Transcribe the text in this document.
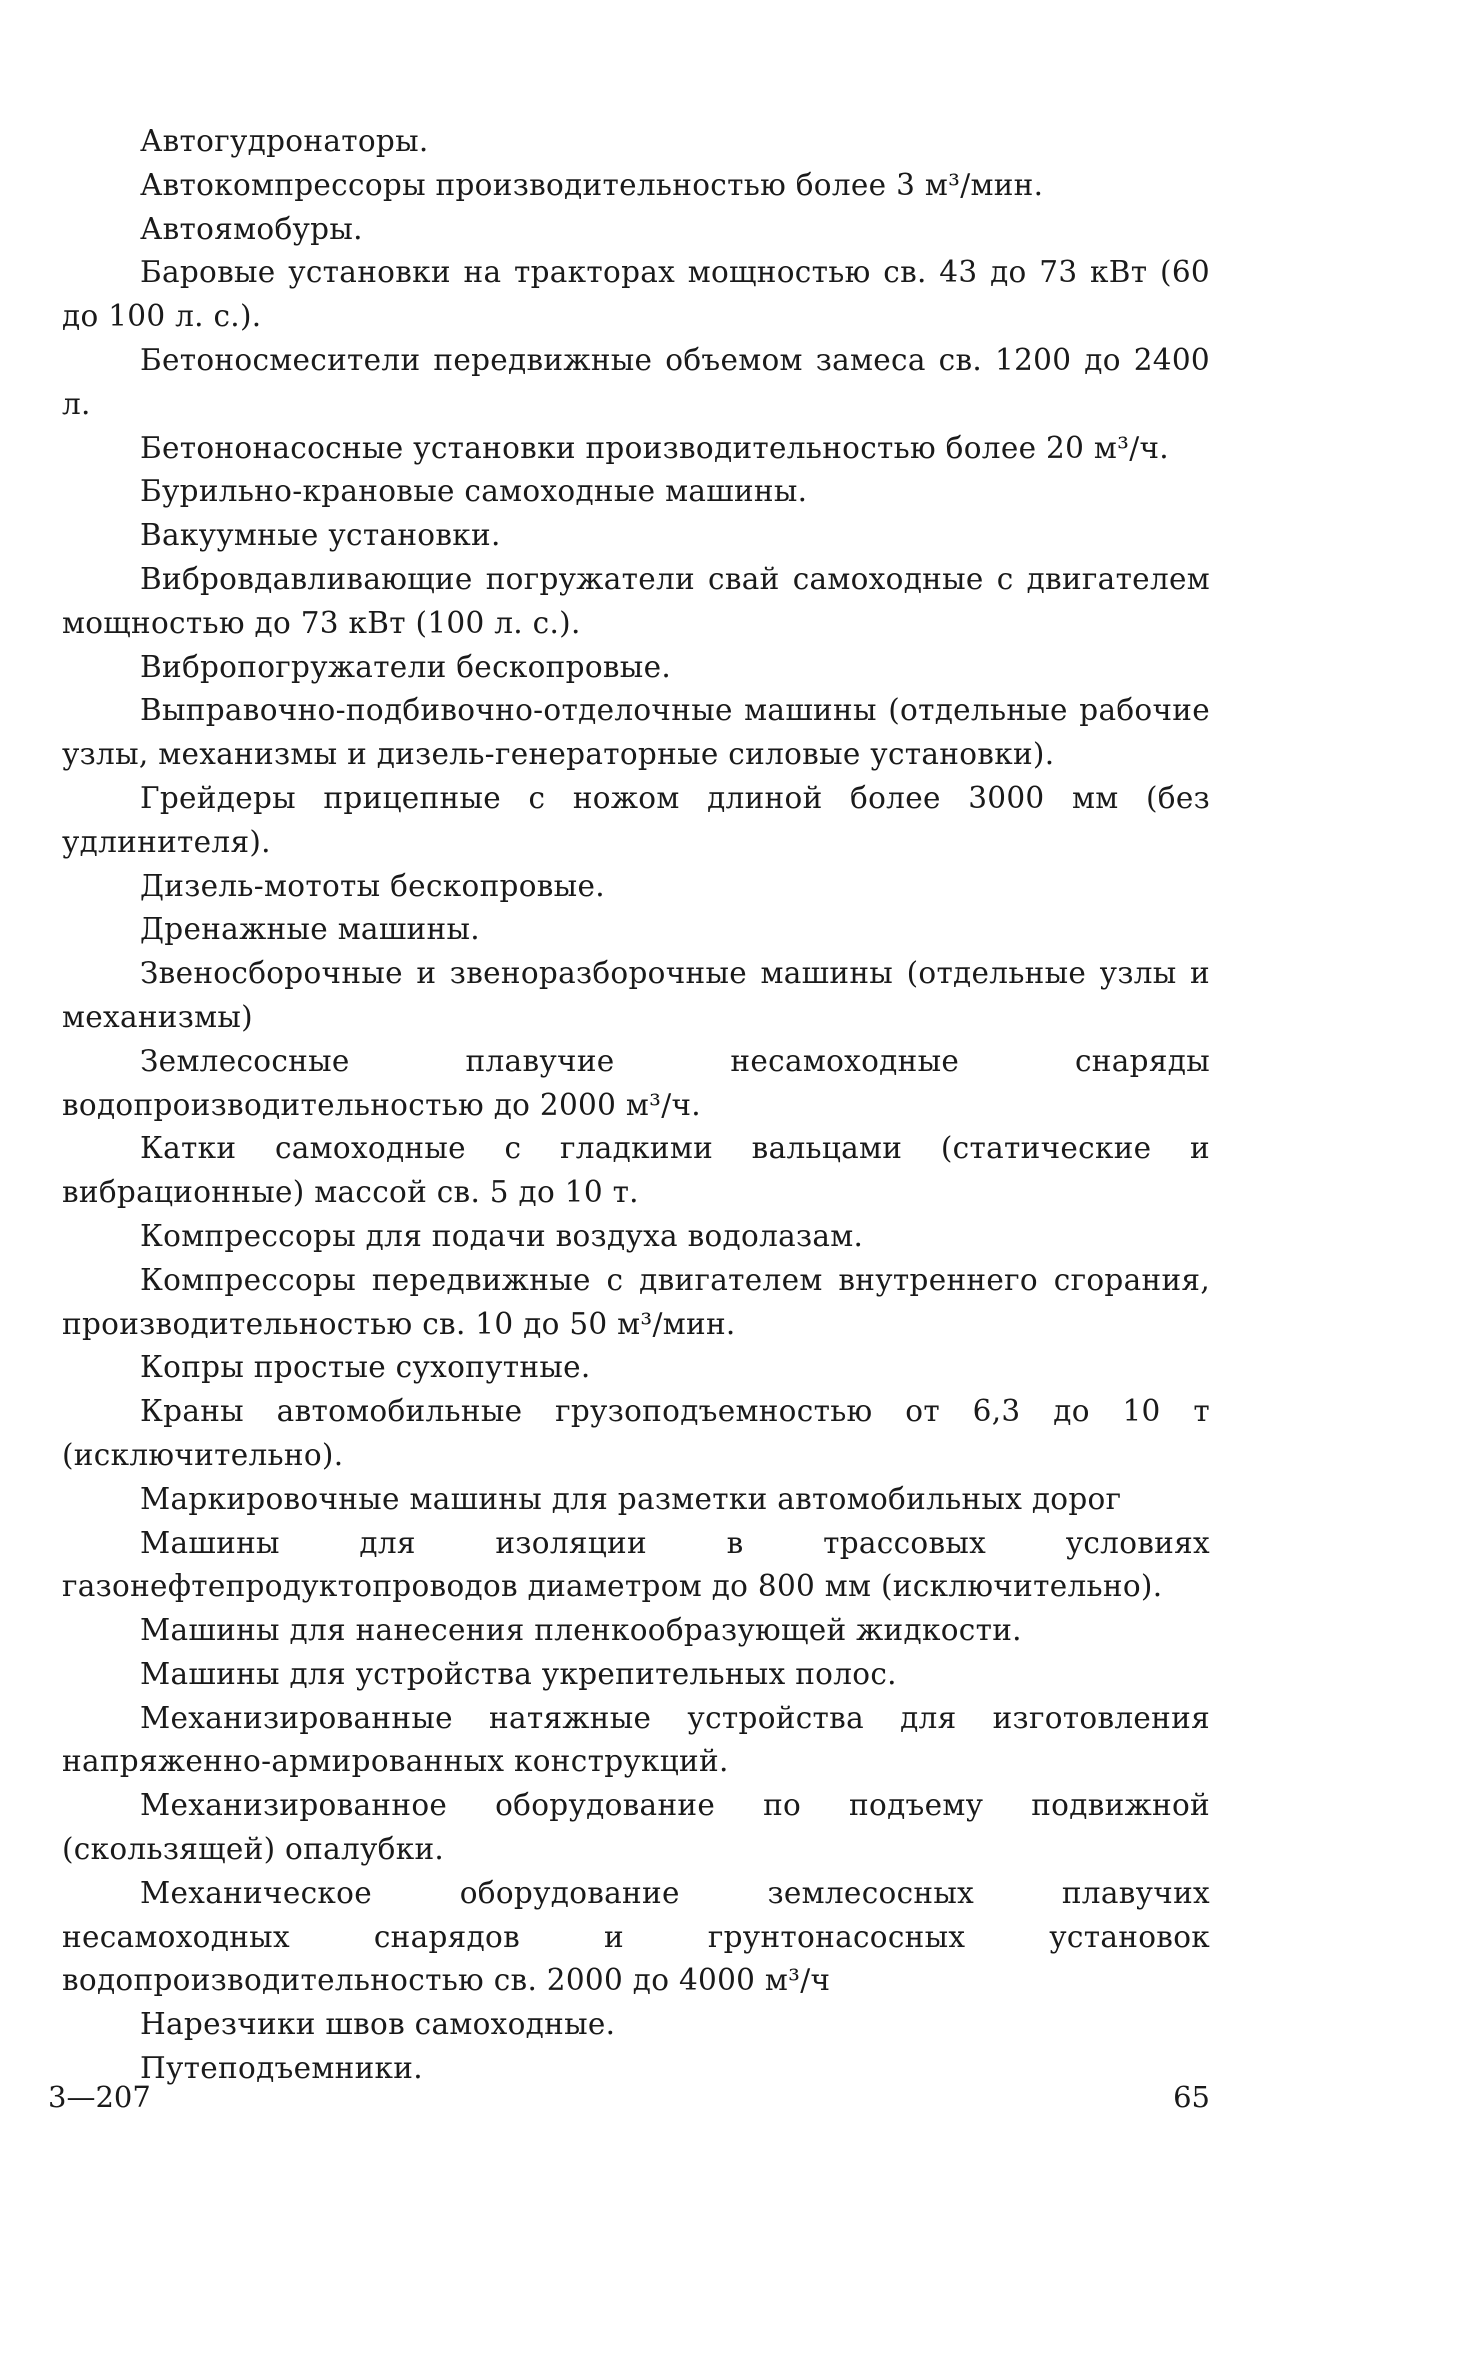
Автогудронаторы.

Автокомпрессоры производительностью более 3 м³/мин.

Автоямобуры.

Баровые установки на тракторах мощностью св. 43 до 73 кВт (60 до 100 л. с.).

Бетоносмесители передвижные объемом замеса св. 1200 до 2400 л.

Бетононасосные установки производительностью более 20 м³/ч.

Бурильно-крановые самоходные машины.

Вакуумные установки.

Вибровдавливающие погружатели свай самоходные с двигателем мощностью до 73 кВт (100 л. с.).

Вибропогружатели бескопровые.

Выправочно-подбивочно-отделочные машины (отдельные рабочие узлы, механизмы и дизель-генераторные силовые установки).

Грейдеры прицепные с ножом длиной более 3000 мм (без удлинителя).

Дизель-мототы бескопровые.

Дренажные машины.

Звеносборочные и звеноразборочные машины (отдельные узлы и механизмы)

Землесосные плавучие несамоходные снаряды водопроизводительностью до 2000 м³/ч.

Катки самоходные с гладкими вальцами (статические и вибрационные) массой св. 5 до 10 т.

Компрессоры для подачи воздуха водолазам.

Компрессоры передвижные с двигателем внутреннего сгорания, производительностью св. 10 до 50 м³/мин.

Копры простые сухопутные.

Краны автомобильные грузоподъемностью от 6,3 до 10 т (исключительно).

Маркировочные машины для разметки автомобильных дорог

Машины для изоляции в трассовых условиях газонефтепродуктопроводов диаметром до 800 мм (исключительно).

Машины для нанесения пленкообразующей жидкости.

Машины для устройства укрепительных полос.

Механизированные натяжные устройства для изготовления напряженно-армированных конструкций.

Механизированное оборудование по подъему подвижной (скользящей) опалубки.

Механическое оборудование землесосных плавучих несамоходных снарядов и грунтонасосных установок водопроизводительностью св. 2000 до 4000 м³/ч

Нарезчики швов самоходные.

Путеподъемники.

3—207	65
